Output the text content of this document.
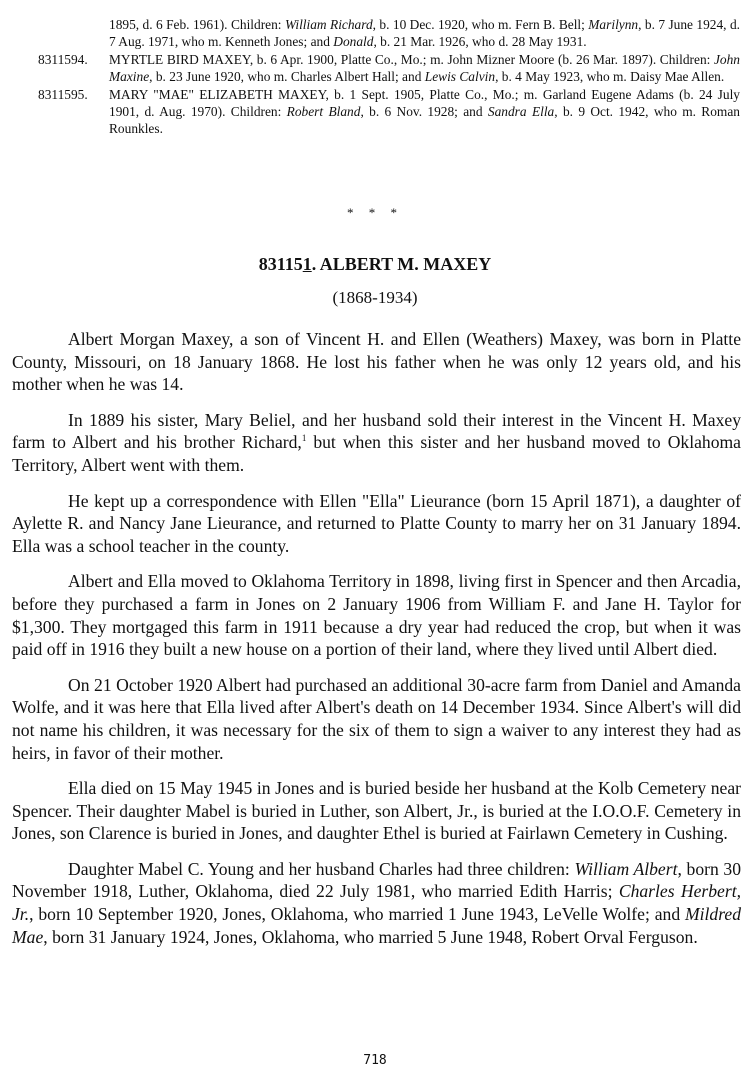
1895, d. 6 Feb. 1961). Children: William Richard, b. 10 Dec. 1920, who m. Fern B. Bell; Marilynn, b. 7 June 1924, d. 7 Aug. 1971, who m. Kenneth Jones; and Donald, b. 21 Mar. 1926, who d. 28 May 1931.
8311594.	MYRTLE BIRD MAXEY, b. 6 Apr. 1900, Platte Co., Mo.; m. John Mizner Moore (b. 26 Mar. 1897). Children: John Maxine, b. 23 June 1920, who m. Charles Albert Hall; and Lewis Calvin, b. 4 May 1923, who m. Daisy Mae Allen.
8311595.	MARY "MAE" ELIZABETH MAXEY, b. 1 Sept. 1905, Platte Co., Mo.; m. Garland Eugene Adams (b. 24 July 1901, d. Aug. 1970). Children: Robert Bland, b. 6 Nov. 1928; and Sandra Ella, b. 9 Oct. 1942, who m. Roman Rounkles.
* * *
831151. ALBERT M. MAXEY
(1868-1934)

Albert Morgan Maxey, a son of Vincent H. and Ellen (Weathers) Maxey, was born in Platte County, Missouri, on 18 January 1868. He lost his father when he was only 12 years old, and his mother when he was 14.

In 1889 his sister, Mary Beliel, and her husband sold their interest in the Vincent H. Maxey farm to Albert and his brother Richard,$^1$ but when this sister and her husband moved to Oklahoma Territory, Albert went with them.

He kept up a correspondence with Ellen "Ella" Lieurance (born 15 April 1871), a daughter of Aylette R. and Nancy Jane Lieurance, and returned to Platte County to marry her on 31 January 1894. Ella was a school teacher in the county.

Albert and Ella moved to Oklahoma Territory in 1898, living first in Spencer and then Arcadia, before they purchased a farm in Jones on 2 January 1906 from William F. and Jane H. Taylor for $1,300. They mortgaged this farm in 1911 because a dry year had reduced the crop, but when it was paid off in 1916 they built a new house on a portion of their land, where they lived until Albert died.

On 21 October 1920 Albert had purchased an additional 30-acre farm from Daniel and Amanda Wolfe, and it was here that Ella lived after Albert's death on 14 December 1934. Since Albert's will did not name his children, it was necessary for the six of them to sign a waiver to any interest they had as heirs, in favor of their mother.

Ella died on 15 May 1945 in Jones and is buried beside her husband at the Kolb Cemetery near Spencer. Their daughter Mabel is buried in Luther, son Albert, Jr., is buried at the I.O.O.F. Cemetery in Jones, son Clarence is buried in Jones, and daughter Ethel is buried at Fairlawn Cemetery in Cushing.

Daughter Mabel C. Young and her husband Charles had three children: William Albert, born 30 November 1918, Luther, Oklahoma, died 22 July 1981, who married Edith Harris; Charles Herbert, Jr., born 10 September 1920, Jones, Oklahoma, who married 1 June 1943, LeVelle Wolfe; and Mildred Mae, born 31 January 1924, Jones, Oklahoma, who married 5 June 1948, Robert Orval Ferguson.

718
